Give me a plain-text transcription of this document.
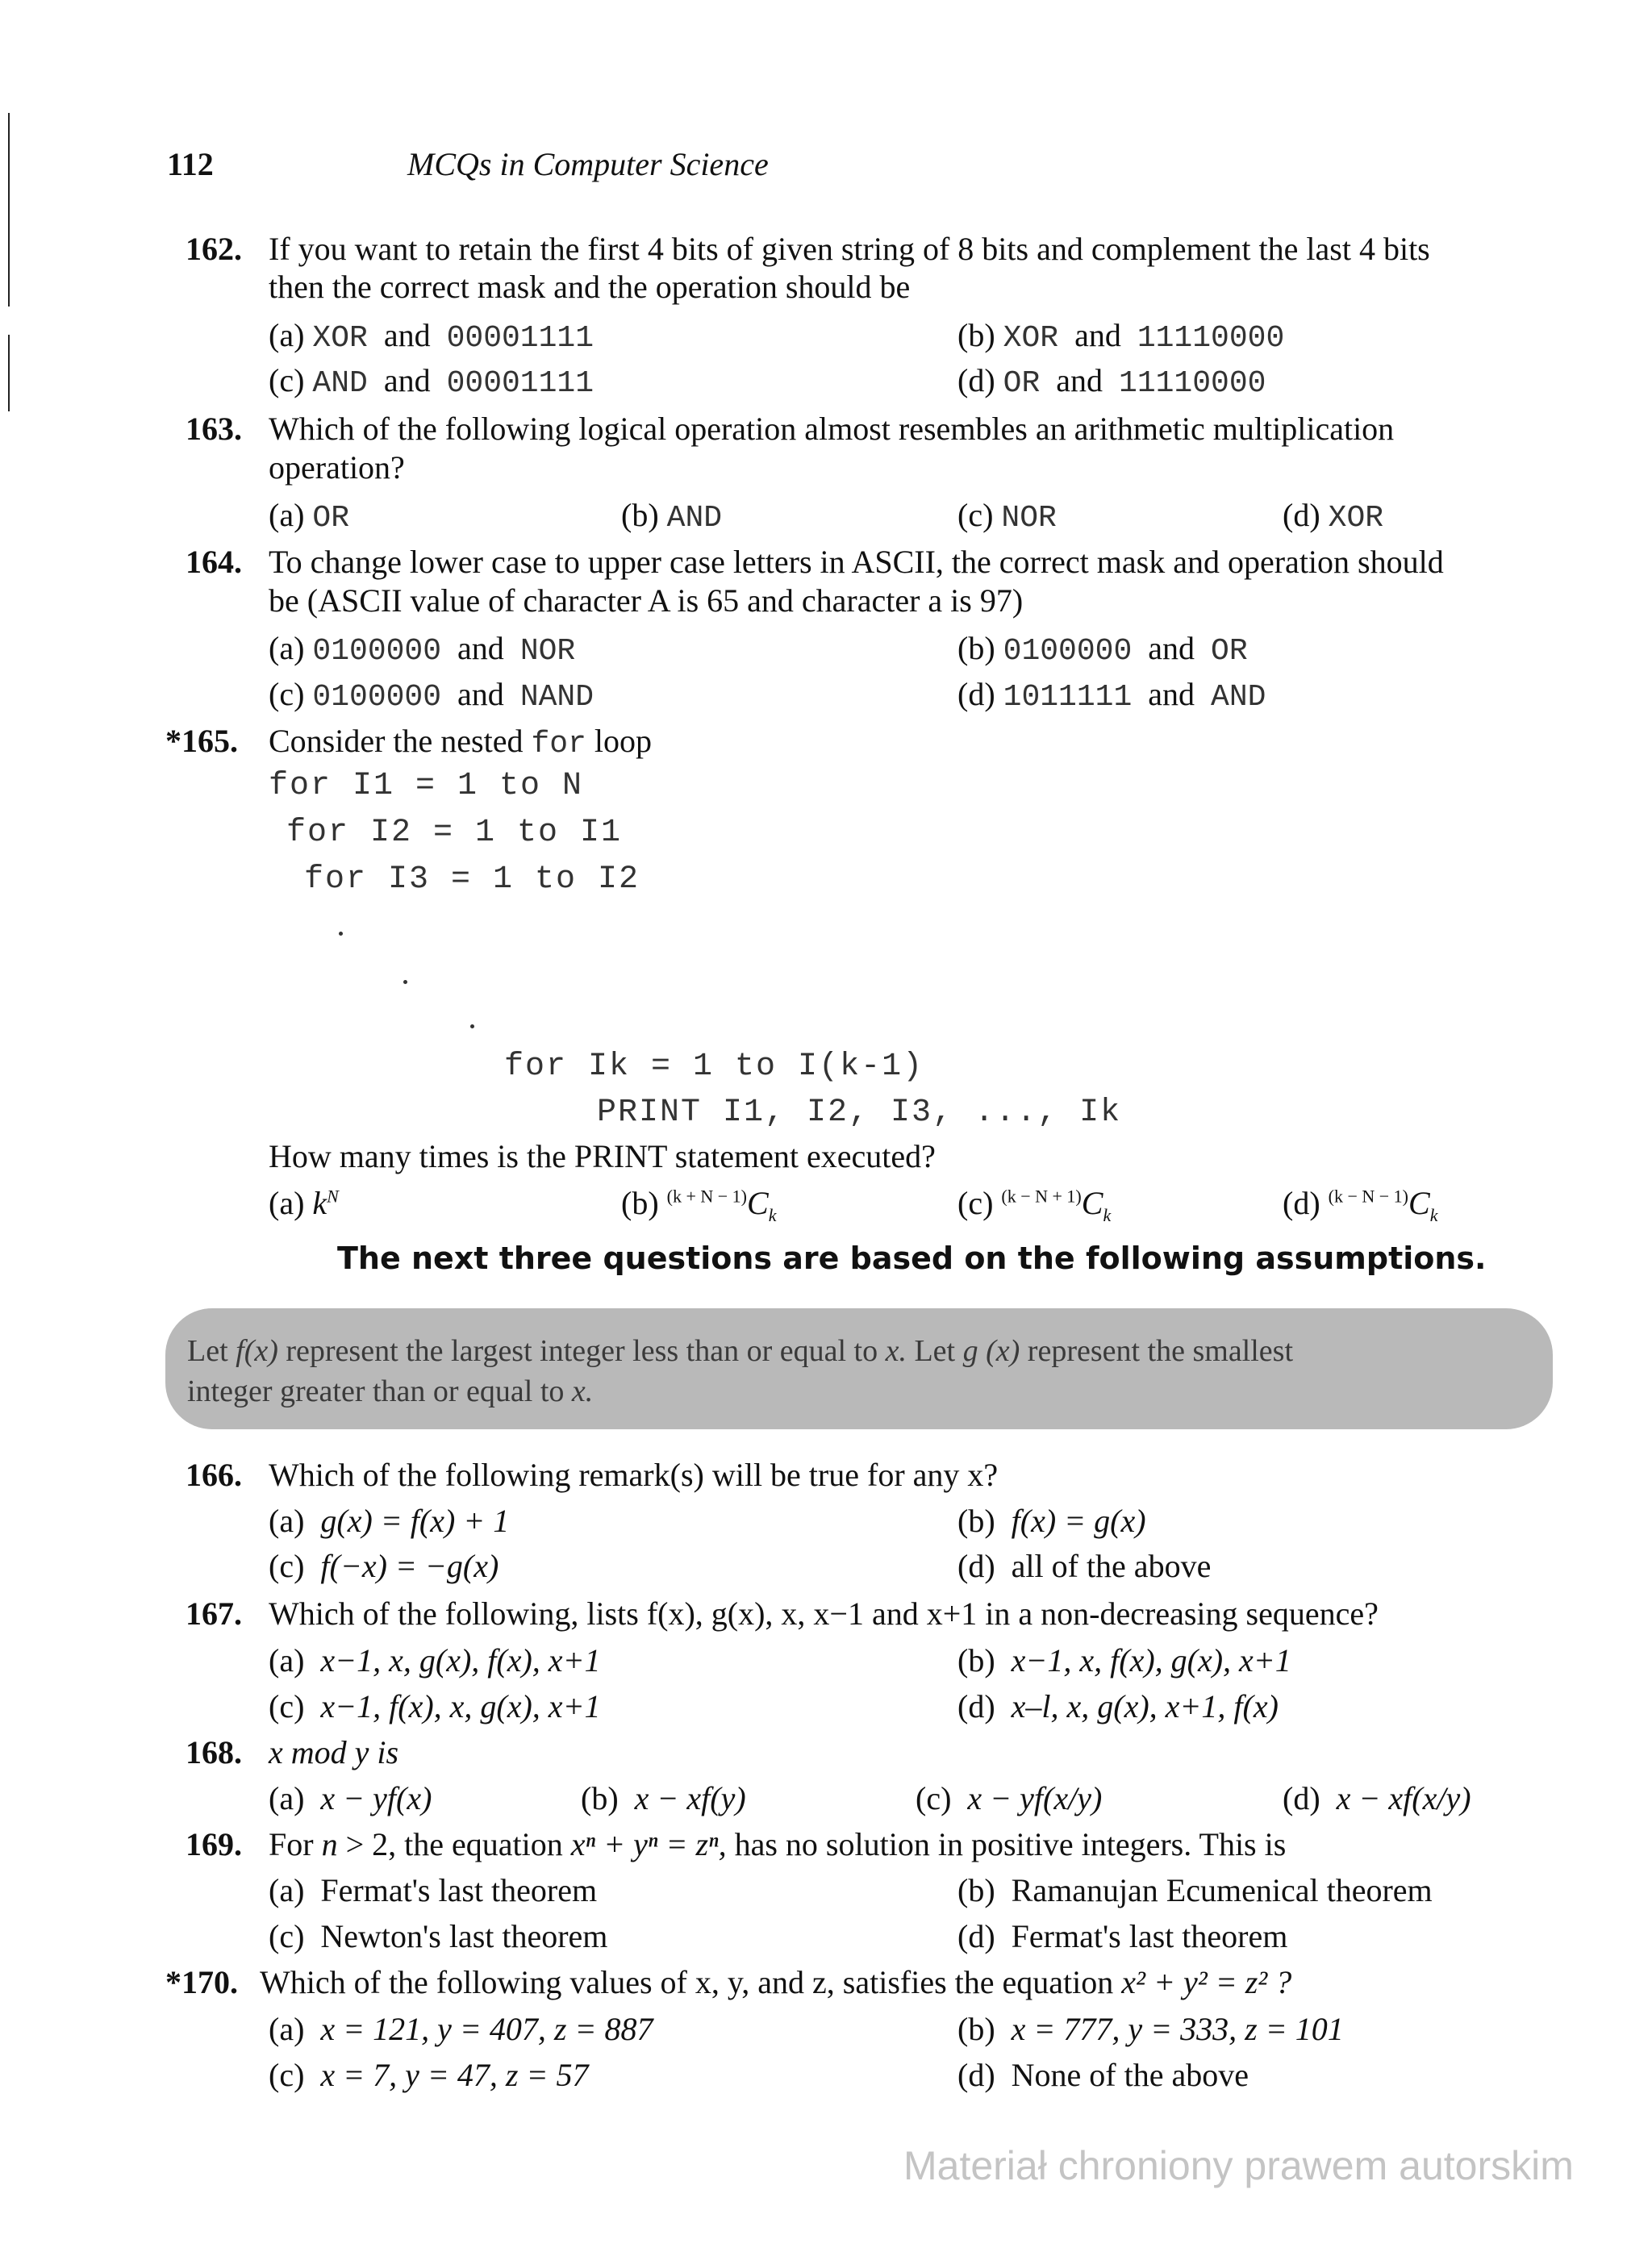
112	MCQs in Computer Science
162. If you want to retain the first 4 bits of given string of 8 bits and complement the last 4 bits
then the correct mask and the operation should be
(a) XOR and 00001111	(b) XOR and 11110000
(c) AND and 00001111	(d) OR and 11110000
163. Which of the following logical operation almost resembles an arithmetic multiplication
operation?
(a) OR	(b) AND	(c) NOR	(d) XOR
164. To change lower case to upper case letters in ASCII, the correct mask and operation should
be (ASCII value of character A is 65 and character a is 97)
(a) 0100000 and NOR	(b) 0100000 and OR
(c) 0100000 and NAND	(d) 1011111 and AND
*165. Consider the nested for loop
for I1 = 1 to N
for I2 = 1 to I1
for I3 = 1 to I2
for Ik = 1 to I(k-1)
PRINT I1, I2, I3, ..., Ik
How many times is the PRINT statement executed?
(a) $k^N$	(b) $^{(k + N - 1)}C_k$	(c) $^{(k - N + 1)}C_k$	(d) $^{(k - N - 1)}C_k$
The next three questions are based on the following assumptions.
Let f(x) represent the largest integer less than or equal to x. Let g (x) represent the smallest
integer greater than or equal to x.
166. Which of the following remark(s) will be true for any x?
(a) g(x) = f(x) + 1	(b) f(x) = g(x)
(c) f(−x) = −g(x)	(d) all of the above
167. Which of the following, lists f(x), g(x), x, x−1 and x+1 in a non-decreasing sequence?
(a) x−1, x, g(x), f(x), x+1	(b) x−1, x, f(x), g(x), x+1
(c) x−1, f(x), x, g(x), x+1	(d) x–l, x, g(x), x+1, f(x)
168. x mod y is
(a) x − yf(x)	(b) x − xf(y)	(c) x − yf(x/y)	(d) x − xf(x/y)
169. For n > 2, the equation xⁿ + yⁿ = zⁿ, has no solution in positive integers. This is
(a) Fermat's last theorem	(b) Ramanujan Ecumenical theorem
(c) Newton's last theorem	(d) Fermat's last theorem
*170. Which of the following values of x, y, and z, satisfies the equation x² + y² = z² ?
(a) x = 121, y = 407, z = 887	(b) x = 777, y = 333, z = 101
(c) x = 7, y = 47, z = 57	(d) None of the above
Materiał chroniony prawem autorskim
